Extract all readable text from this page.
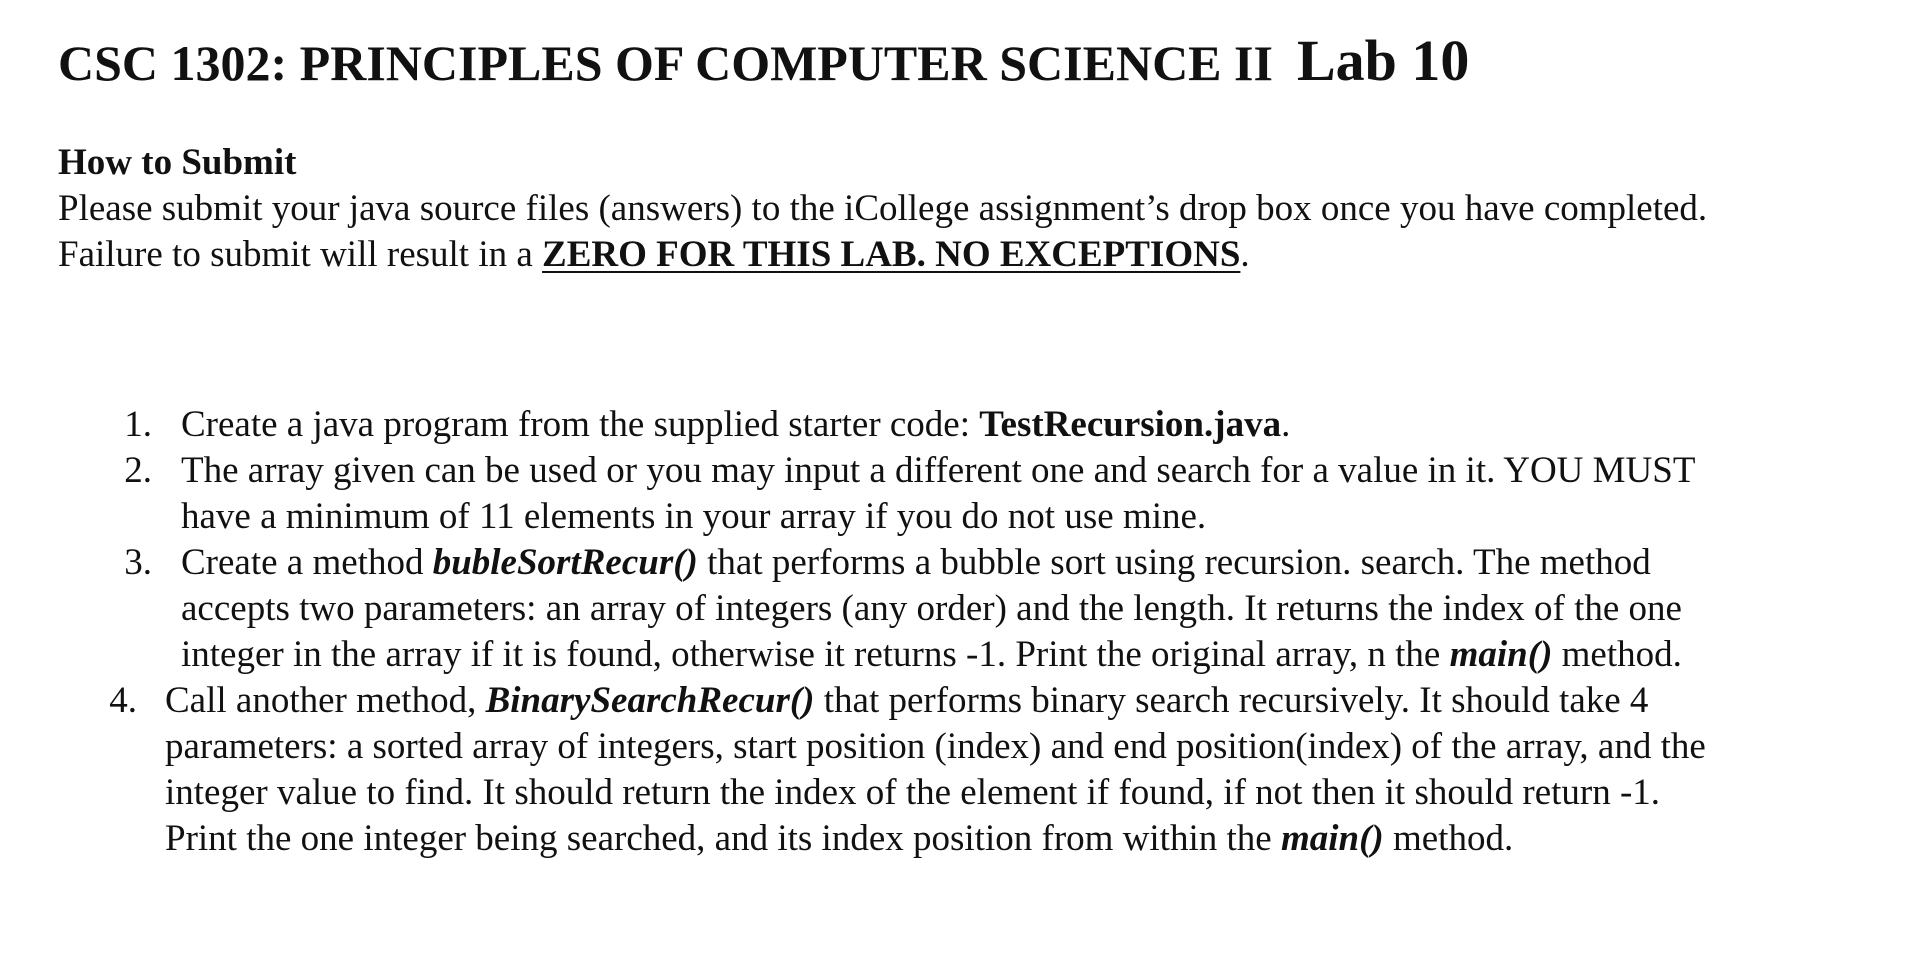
CSC 1302: PRINCIPLES OF COMPUTER SCIENCE II Lab 10
How to Submit

Please submit your java source files (answers) to the iCollege assignment’s drop box once you have completed.

Failure to submit will result in a ZERO FOR THIS LAB. NO EXCEPTIONS.

1. Create a java program from the supplied starter code: TestRecursion.java.
2. The array given can be used or you may input a different one and search for a value in it. YOU MUST
have a minimum of 11 elements in your array if you do not use mine.
3. Create a method bubleSortRecur() that performs a bubble sort using recursion. search. The method
accepts two parameters: an array of integers (any order) and the length. It returns the index of the one
integer in the array if it is found, otherwise it returns -1. Print the original array, n the main() method.
4. Call another method, BinarySearchRecur() that performs binary search recursively. It should take 4
parameters: a sorted array of integers, start position (index) and end position(index) of the array, and the
integer value to find. It should return the index of the element if found, if not then it should return -1.
Print the one integer being searched, and its index position from within the main() method.
